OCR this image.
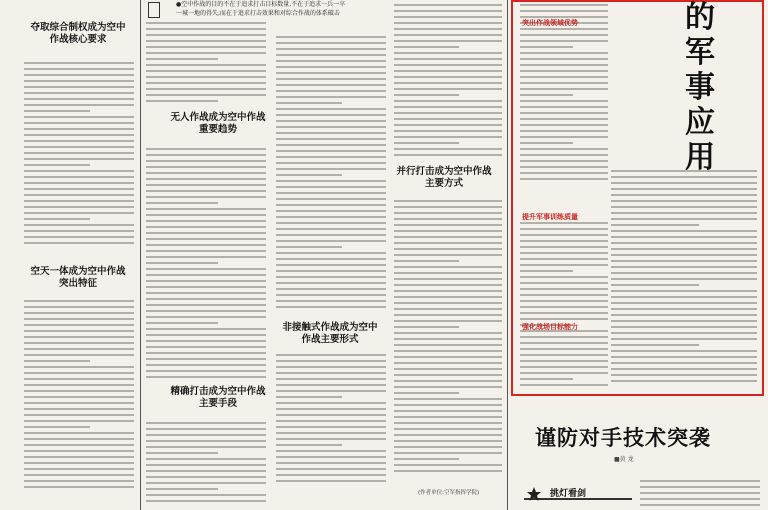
●空中作战的目的不在于追求打击目标数量,不在于追求一兵一卒一城一地的得失,而在于追求打击效果和对综合作战的体系破击
夺取综合制权成为空中作战核心要求
无人作战成为空中作战重要趋势
并行打击成为空中作战主要方式
空天一体成为空中作战突出特征
非接触式作战成为空中作战主要形式
精确打击成为空中作战主要手段
(作者单位:空军指挥学院)
的军事应用
突出作战领域优势
提升军事训练质量
强化战场目标能力
谨防对手技术突袭
■黄 龙
挑灯看剑
